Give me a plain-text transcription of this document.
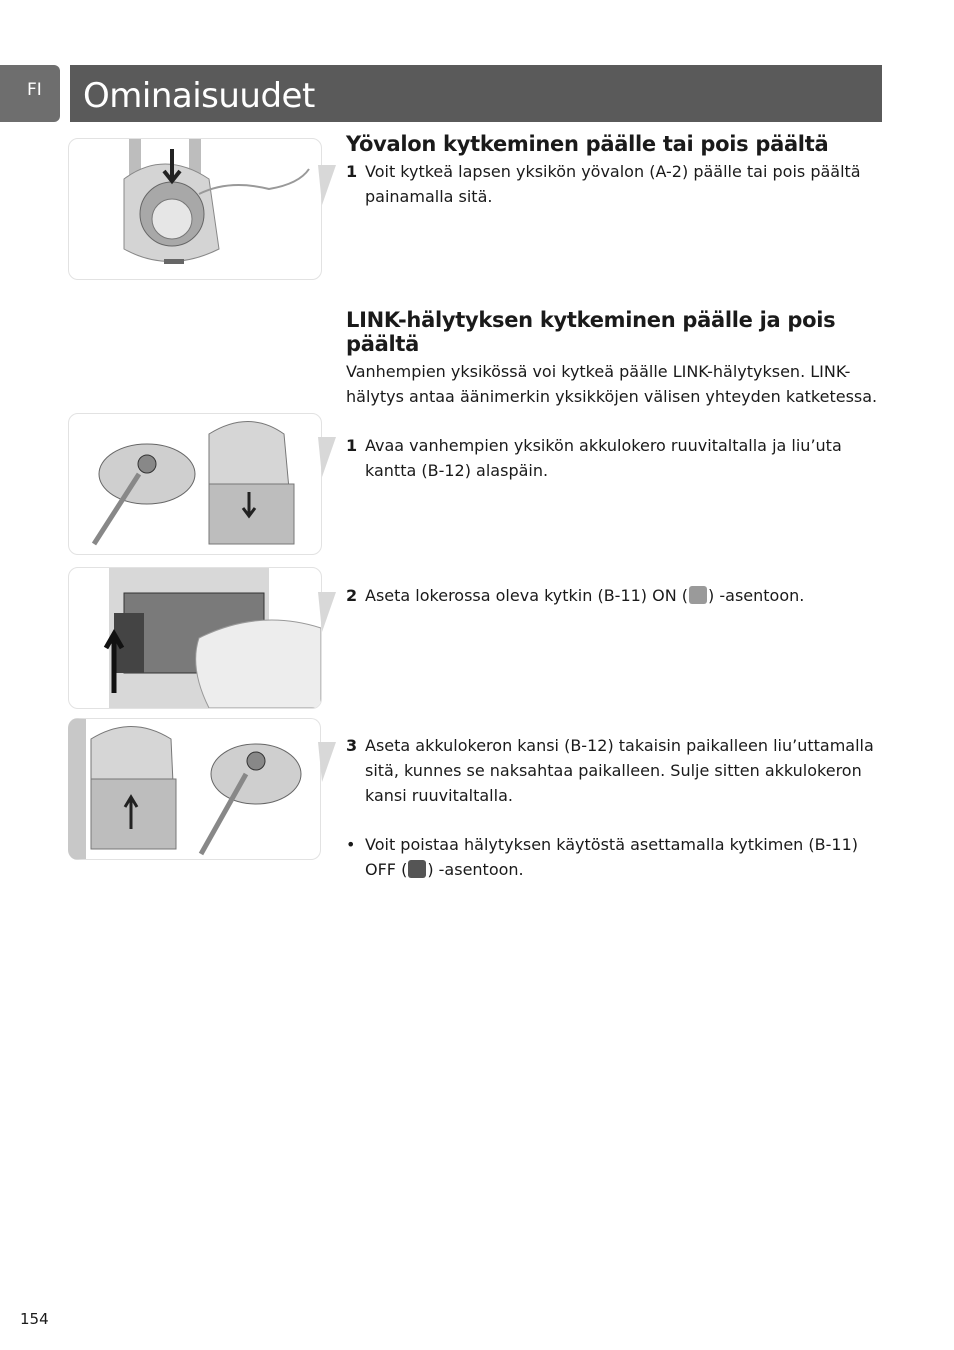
FI	Ominaisuudet
Yövalon kytkeminen päälle tai pois päältä
1 Voit kytkeä lapsen yksikön yövalon (A-2) päälle tai pois päältä painamalla sitä.
LINK-hälytyksen kytkeminen päälle ja pois päältä

Vanhempien yksikössä voi kytkeä päälle LINK-hälytyksen. LINK-hälytys antaa äänimerkin yksikköjen välisen yhteyden katketessa.

1 Avaa vanhempien yksikön akkulokero ruuvitaltalla ja liu’uta kantta (B-12) alaspäin.
2 Aseta lokerossa oleva kytkin (B-11) ON ( ) -asentoon.
3 Aseta akkulokeron kansi (B-12) takaisin paikalleen liu’uttamalla sitä, kunnes se naksahtaa paikalleen. Sulje sitten akkulokeron kansi ruuvitaltalla.
• Voit poistaa hälytyksen käytöstä asettamalla kytkimen (B-11) OFF ( ) -asentoon.
154
